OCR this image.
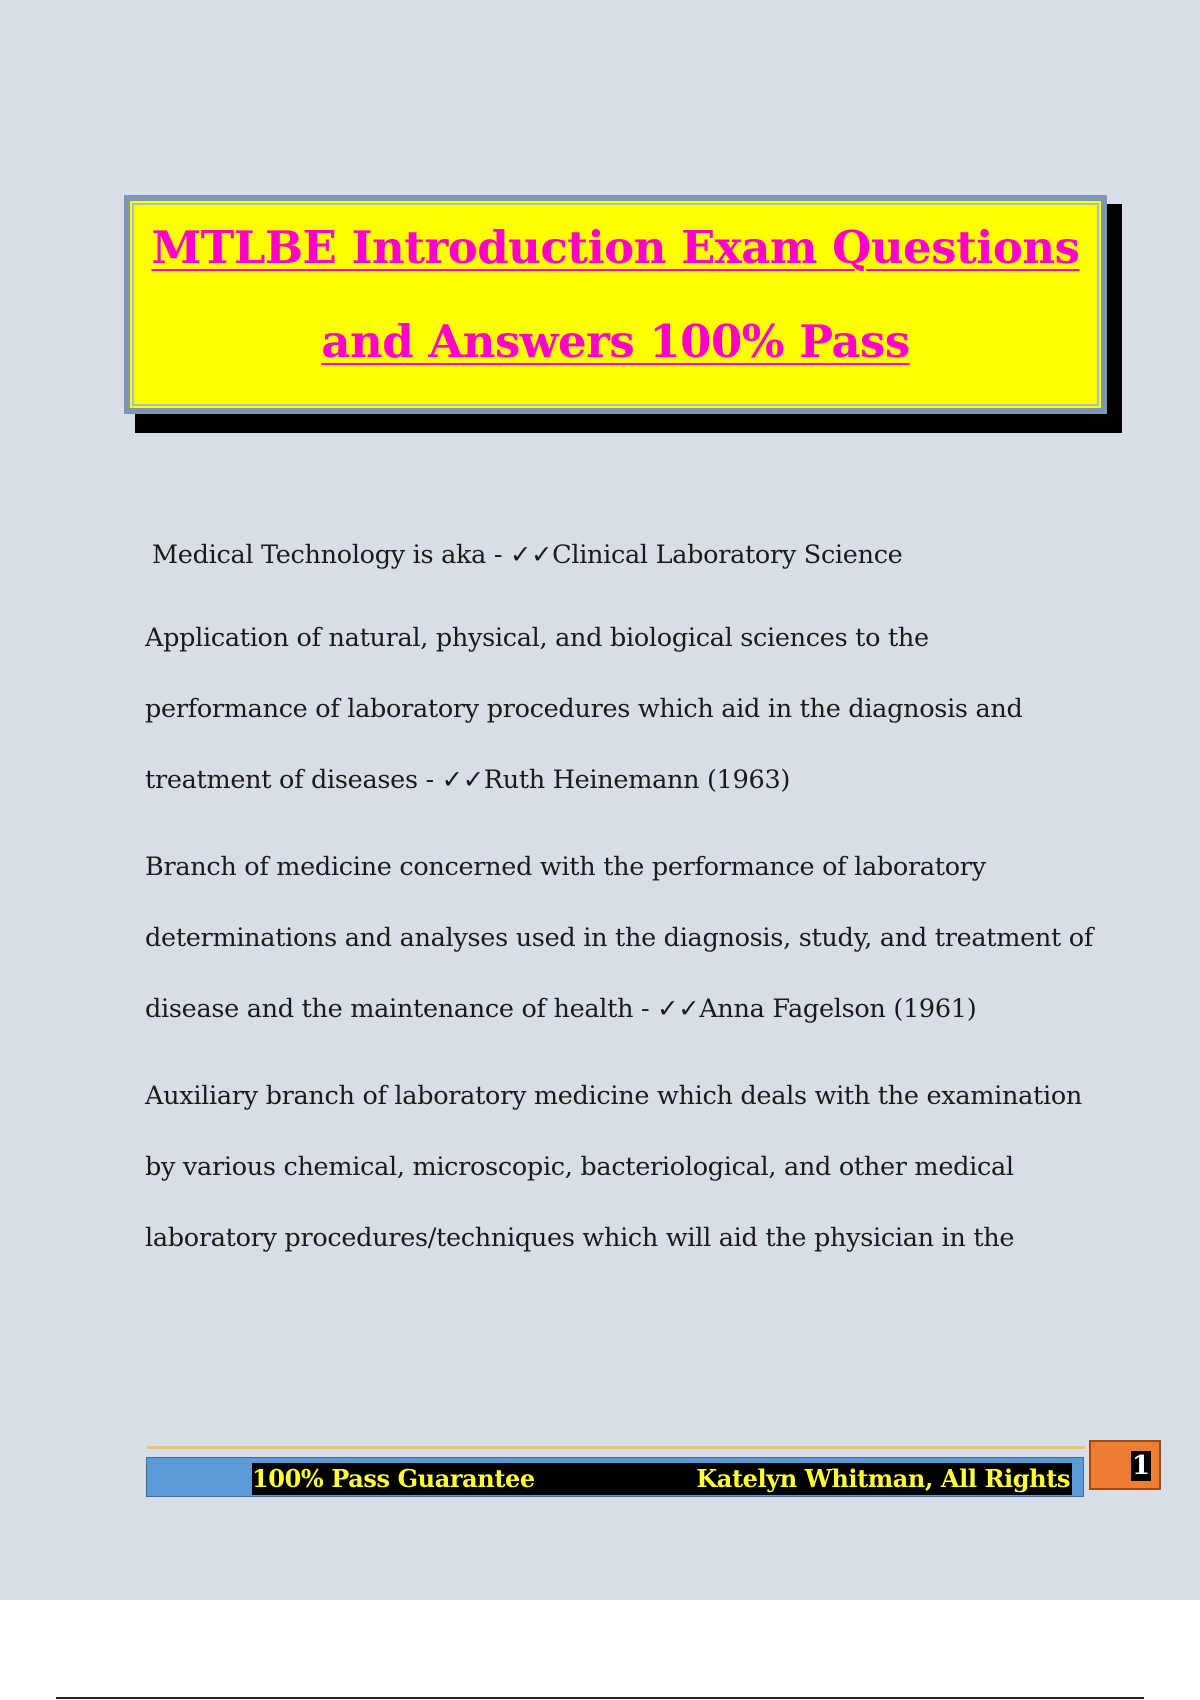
MTLBE Introduction Exam Questions
and Answers 100% Pass

Medical Technology is aka - ✓✓Clinical Laboratory Science

Application of natural, physical, and biological sciences to the performance of laboratory procedures which aid in the diagnosis and treatment of diseases - ✓✓Ruth Heinemann (1963)

Branch of medicine concerned with the performance of laboratory determinations and analyses used in the diagnosis, study, and treatment of disease and the maintenance of health - ✓✓Anna Fagelson (1961)

Auxiliary branch of laboratory medicine which deals with the examination by various chemical, microscopic, bacteriological, and other medical laboratory procedures/techniques which will aid the physician in the

100% Pass Guarantee	Katelyn Whitman, All Rights 1
